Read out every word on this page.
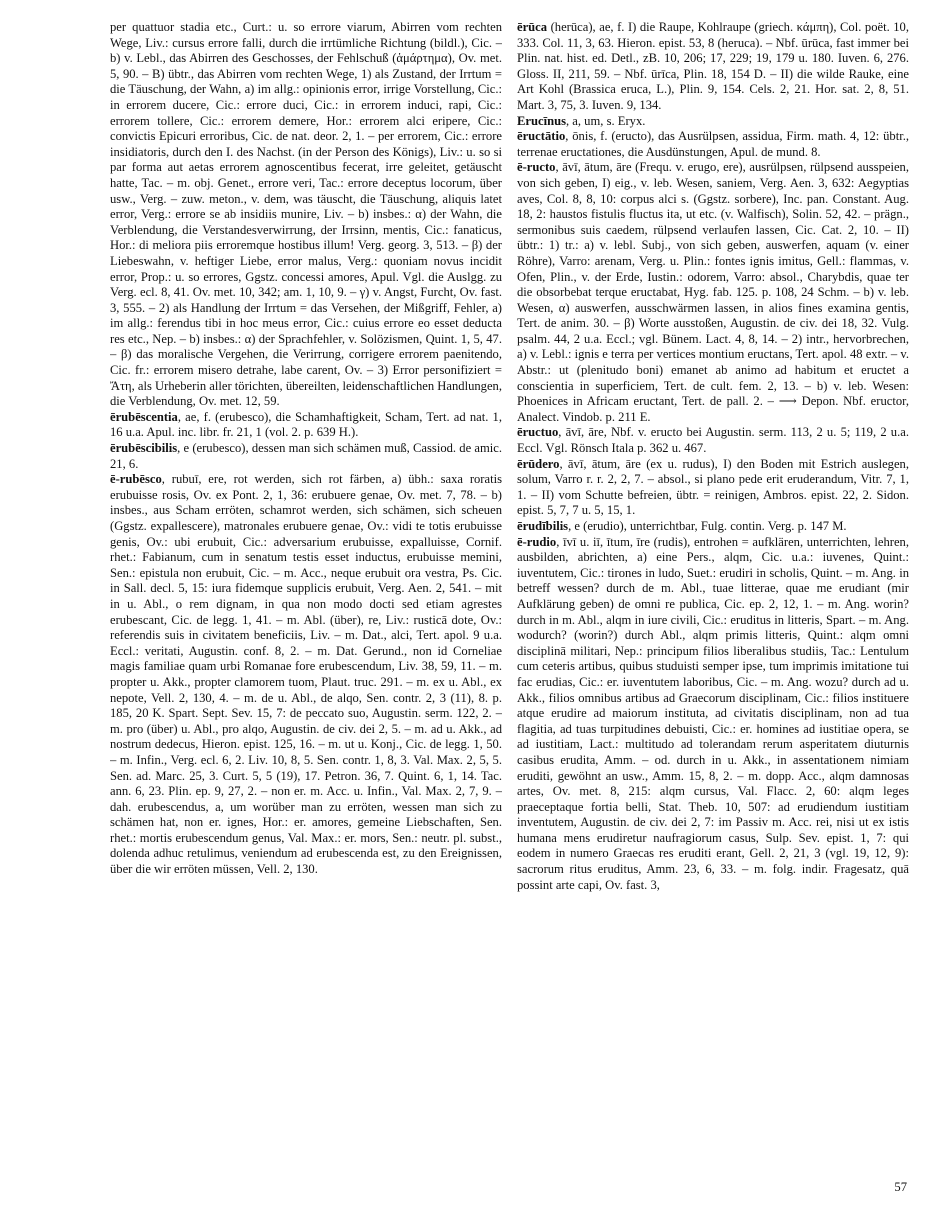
per quattuor stadia etc., Curt.: u. so errore viarum, Abirren vom rechten Wege, Liv.: cursus errore falli, durch die irrtümliche Richtung (bildl.), Cic. – b) v. Lebl., das Abirren des Geschosses, der Fehlschuß (ἁμάρτημα), Ov. met. 5, 90. – B) übtr., das Abirren vom rechten Wege, 1) als Zustand, der Irrtum = die Täuschung, der Wahn, a) im allg.: opinionis error, irrige Vorstellung, Cic.: in errorem ducere, Cic.: errore duci, Cic.: in errorem induci, rapi, Cic.: errorem tollere, Cic.: errorem demere, Hor.: errorem alci eripere, Cic.: convictis Epicuri erroribus, Cic. de nat. deor. 2, 1. – per errorem, Cic.: errore insidiatoris, durch den I. des Nachst. (in der Person des Königs), Liv.: u. so si par forma aut aetas errorem agnoscentibus fecerat, irre geleitet, getäuscht hatte, Tac. – m. obj. Genet., errore veri, Tac.: errore deceptus locorum, über usw., Verg. – zuw. meton., v. dem, was täuscht, die Täuschung, aliquis latet error, Verg.: errore se ab insidiis munire, Liv. – b) insbes.: α) der Wahn, die Verblendung, die Verstandesverwirrung, der Irrsinn, mentis, Cic.: fanaticus, Hor.: di meliora piis erroremque hostibus illum! Verg. georg. 3, 513. – β) der Liebeswahn, v. heftiger Liebe, error malus, Verg.: quoniam novus incidit error, Prop.: u. so errores, Ggstz. concessi amores, Apul. Vgl. die Auslgg. zu Verg. ecl. 8, 41. Ov. met. 10, 342; am. 1, 10, 9. – γ) v. Angst, Furcht, Ov. fast. 3, 555. – 2) als Handlung der Irrtum = das Versehen, der Mißgriff, Fehler, a) im allg.: ferendus tibi in hoc meus error, Cic.: cuius errore eo esset deducta res etc., Nep. – b) insbes.: α) der Sprachfehler, v. Solözismen, Quint. 1, 5, 47. – β) das moralische Vergehen, die Verirrung, corrigere errorem paenitendo, Cic. fr.: errorem misero detrahe, labe carent, Ov. – 3) Error personifiziert = Ἄτη, als Urheberin aller törichten, übereilten, leidenschaftlichen Handlungen, die Verblendung, Ov. met. 12, 59.

ērubēscentia, ae, f. (erubesco), die Schamhaftigkeit, Scham, Tert. ad nat. 1, 16 u.a. Apul. inc. libr. fr. 21, 1 (vol. 2. p. 639 H.).

ērubēscibilis, e (erubesco), dessen man sich schämen muß, Cassiod. de amic. 21, 6.

ē-rubēsco, rubuī, ere, rot werden, sich rot färben, a) übh.: saxa roratis erubuisse rosis, Ov. ex Pont. 2, 1, 36: erubuere genae, Ov. met. 7, 78. – b) insbes., aus Scham erröten, schamrot werden, sich schämen, sich scheuen (Ggstz. expallescere), matronales erubuere genae, Ov.: vidi te totis erubuisse genis, Ov.: ubi erubuit, Cic.: adversarium erubuisse, expalluisse, Cornif. rhet.: Fabianum, cum in senatum testis esset inductus, erubuisse memini, Sen.: epistula non erubuit, Cic. – m. Acc., neque erubuit ora vestra, Ps. Cic. in Sall. decl. 5, 15: iura fidemque supplicis erubuit, Verg. Aen. 2, 541. – mit in u. Abl., o rem dignam, in qua non modo docti sed etiam agrestes erubescant, Cic. de legg. 1, 41. – m. Abl. (über), re, Liv.: rusticā dote, Ov.: referendis suis in civitatem beneficiis, Liv. – m. Dat., alci, Tert. apol. 9 u.a. Eccl.: veritati, Augustin. conf. 8, 2. – m. Dat. Gerund., non id Corneliae magis familiae quam urbi Romanae fore erubescendum, Liv. 38, 59, 11. – m. propter u. Akk., propter clamorem tuom, Plaut. truc. 291. – m. ex u. Abl., ex nepote, Vell. 2, 130, 4. – m. de u. Abl., de alqo, Sen. contr. 2, 3 (11), 8. p. 185, 20 K. Spart. Sept. Sev. 15, 7: de peccato suo, Augustin. serm. 122, 2. – m. pro (über) u. Abl., pro alqo, Augustin. de civ. dei 2, 5. – m. ad u. Akk., ad nostrum dedecus, Hieron. epist. 125, 16. – m. ut u. Konj., Cic. de legg. 1, 50. – m. Infin., Verg. ecl. 6, 2. Liv. 10, 8, 5. Sen. contr. 1, 8, 3. Val. Max. 2, 5, 5. Sen. ad. Marc. 25, 3. Curt. 5, 5 (19), 17. Petron. 36, 7. Quint. 6, 1, 14. Tac. ann. 6, 23. Plin. ep. 9, 27, 2. – non er. m. Acc. u. Infin., Val. Max. 2, 7, 9. – dah. erubescendus, a, um worüber man zu erröten, wessen man sich zu schämen hat, non er. ignes, Hor.: er. amores, gemeine Liebschaften, Sen. rhet.: mortis erubescendum genus, Val. Max.: er. mors, Sen.: neutr. pl. subst., dolenda adhuc retulimus, veniendum ad erubescenda est, zu den Ereignissen, über die wir erröten müssen, Vell. 2, 130.

ērūca (herūca), ae, f. I) die Raupe, Kohlraupe (griech. κάμπη), Col. poët. 10, 333. Col. 11, 3, 63. Hieron. epist. 53, 8 (heruca). – Nbf. ūrūca, fast immer bei Plin. nat. hist. ed. Detl., zB. 10, 206; 17, 229; 19, 179 u. 180. Iuven. 6, 276. Gloss. II, 211, 59. – Nbf. ūrīca, Plin. 18, 154 D. – II) die wilde Rauke, eine Art Kohl (Brassica eruca, L.), Plin. 9, 154. Cels. 2, 21. Hor. sat. 2, 8, 51. Mart. 3, 75, 3. Iuven. 9, 134.

Erucīnus, a, um, s. Eryx.

ēructātio, ōnis, f. (eructo), das Ausrülpsen, assidua, Firm. math. 4, 12: übtr., terrenae eructationes, die Ausdünstungen, Apul. de mund. 8.

ē-ructo, āvī, ātum, āre (Frequ. v. erugo, ere), ausrülpsen, rülpsend ausspeien, von sich geben, I) eig., v. leb. Wesen, saniem, Verg. Aen. 3, 632: Aegyptias aves, Col. 8, 8, 10: corpus alci s. (Ggstz. sorbere), Inc. pan. Constant. Aug. 18, 2: haustos fistulis fluctus ita, ut etc. (v. Walfisch), Solin. 52, 42. – prägn., sermonibus suis caedem, rülpsend verlaufen lassen, Cic. Cat. 2, 10. – II) übtr.: 1) tr.: a) v. lebl. Subj., von sich geben, auswerfen, aquam (v. einer Röhre), Varro: arenam, Verg. u. Plin.: fontes ignis imitus, Gell.: flammas, v. Ofen, Plin., v. der Erde, Iustin.: odorem, Varro: absol., Charybdis, quae ter die obsorbebat terque eructabat, Hyg. fab. 125. p. 108, 24 Schm. – b) v. leb. Wesen, α) auswerfen, ausschwärmen lassen, in alios fines examina gentis, Tert. de anim. 30. – β) Worte ausstoßen, Augustin. de civ. dei 18, 32. Vulg. psalm. 44, 2 u.a. Eccl.; vgl. Bünem. Lact. 4, 8, 14. – 2) intr., hervorbrechen, a) v. Lebl.: ignis e terra per vertices montium eructans, Tert. apol. 48 extr. – v. Abstr.: ut (plenitudo boni) emanet ab animo ad habitum et eructet a conscientia in superficiem, Tert. de cult. fem. 2, 13. – b) v. leb. Wesen: Phoenices in Africam eructant, Tert. de pall. 2. – ⟶ Depon. Nbf. eructor, Analect. Vindob. p. 211 E.

ēructuo, āvī, āre, Nbf. v. eructo bei Augustin. serm. 113, 2 u. 5; 119, 2 u.a. Eccl. Vgl. Rönsch Itala p. 362 u. 467.

ērūdero, āvī, ātum, āre (ex u. rudus), I) den Boden mit Estrich auslegen, solum, Varro r. r. 2, 2, 7. – absol., si plano pede erit eruderandum, Vitr. 7, 1, 1. – II) vom Schutte befreien, übtr. = reinigen, Ambros. epist. 22, 2. Sidon. epist. 5, 7, 7 u. 5, 15, 1.

ērudībilis, e (erudio), unterrichtbar, Fulg. contin. Verg. p. 147 M.

ē-rudio, īvī u. iī, ītum, īre (rudis), entrohen = aufklären, unterrichten, lehren, ausbilden, abrichten, a) eine Pers., alqm, Cic. u.a.: iuvenes, Quint.: iuventutem, Cic.: tirones in ludo, Suet.: erudiri in scholis, Quint. – m. Ang. in betreff wessen? durch de m. Abl., tuae litterae, quae me erudiant (mir Aufklärung geben) de omni re publica, Cic. ep. 2, 12, 1. – m. Ang. worin? durch in m. Abl., alqm in iure civili, Cic.: eruditus in litteris, Spart. – m. Ang. wodurch? (worin?) durch Abl., alqm primis litteris, Quint.: alqm omni disciplinā militari, Nep.: principum filios liberalibus studiis, Tac.: Lentulum cum ceteris artibus, quibus studuisti semper ipse, tum imprimis imitatione tui fac erudias, Cic.: er. iuventutem laboribus, Cic. – m. Ang. wozu? durch ad u. Akk., filios omnibus artibus ad Graecorum disciplinam, Cic.: filios instituere atque erudire ad maiorum instituta, ad civitatis disciplinam, non ad tua flagitia, ad tuas turpitudines debuisti, Cic.: er. homines ad iustitiae opera, se ad iustitiam, Lact.: multitudo ad tolerandam rerum asperitatem diuturnis casibus erudita, Amm. – od. durch in u. Akk., in assentationem nimiam eruditi, gewöhnt an usw., Amm. 15, 8, 2. – m. dopp. Acc., alqm damnosas artes, Ov. met. 8, 215: alqm cursus, Val. Flacc. 2, 60: alqm leges praeceptaque fortia belli, Stat. Theb. 10, 507: ad erudiendum iustitiam inventutem, Augustin. de civ. dei 2, 7: im Passiv m. Acc. rei, nisi ut ex istis humana mens erudiretur naufragiorum casus, Sulp. Sev. epist. 1, 7: qui eodem in numero Graecas res eruditi erant, Gell. 2, 21, 3 (vgl. 19, 12, 9): sacrorum ritus eruditus, Amm. 23, 6, 33. – m. folg. indir. Fragesatz, quā possint arte capi, Ov. fast. 3,

57
